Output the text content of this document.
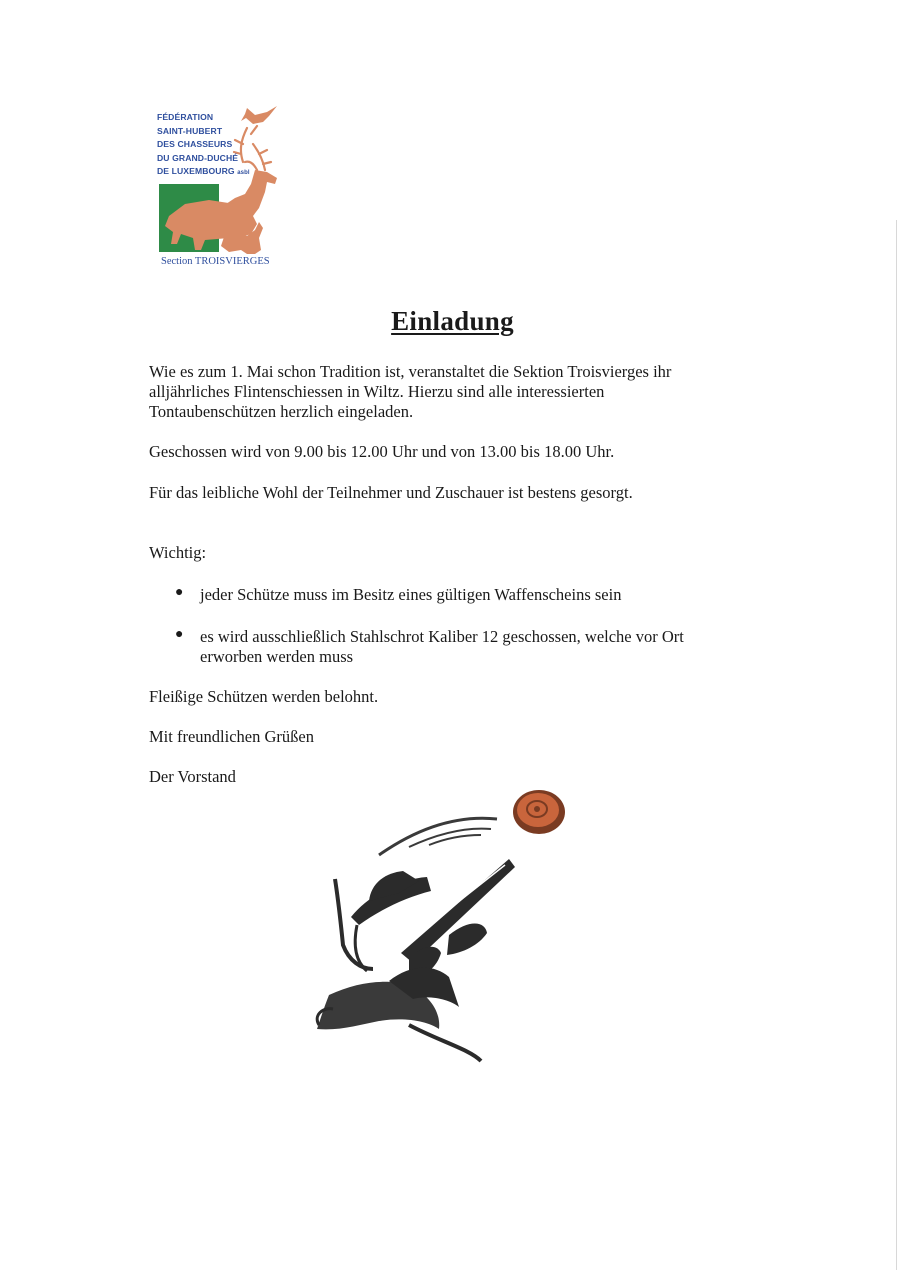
FÉDÉRATION
SAINT-HUBERT
DES CHASSEURS
DU GRAND-DUCHÉ
DE LUXEMBOURG asbl
Section TROISVIERGES
Einladung
Wie es zum 1. Mai schon Tradition ist, veranstaltet die Sektion Troisvierges ihr
alljährliches Flintenschiessen in Wiltz. Hierzu sind alle interessierten
Tontaubenschützen herzlich eingeladen.
Geschossen wird von 9.00 bis 12.00 Uhr und von 13.00 bis 18.00 Uhr.
Für das leibliche Wohl der Teilnehmer und Zuschauer ist bestens gesorgt.
Wichtig:
● jeder Schütze muss im Besitz eines gültigen Waffenscheins sein
● es wird ausschließlich Stahlschrot Kaliber 12 geschossen, welche vor Ort
erworben werden muss
Fleißige Schützen werden belohnt.
Mit freundlichen Grüßen
Der Vorstand
